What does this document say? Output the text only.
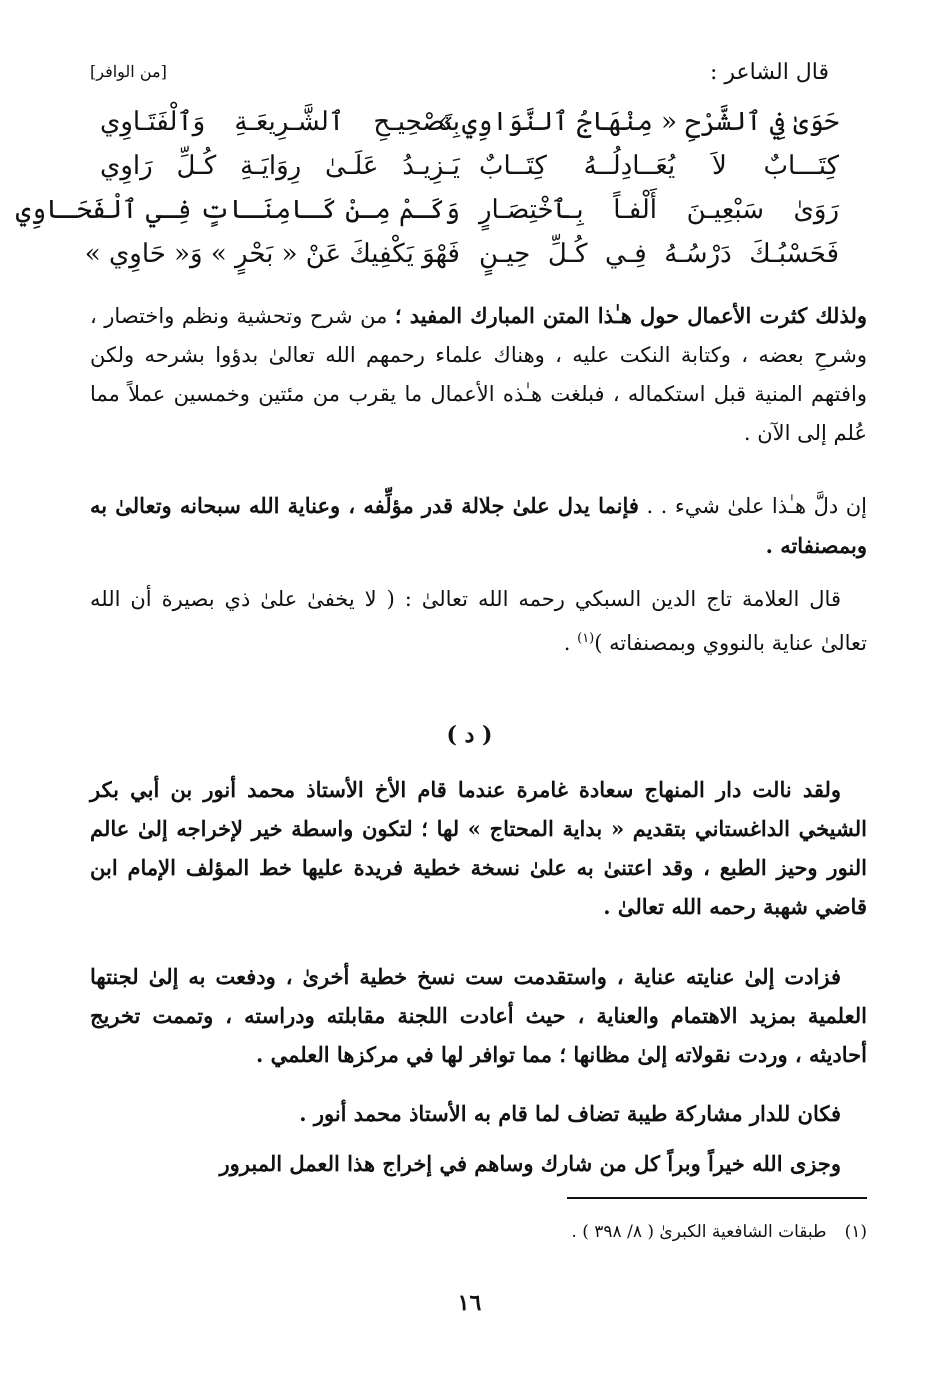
قال الشاعر :
[من الوافر]
حَوَىٰ فِي ٱلشَّرْحِ « مِنْهَاجُ ٱلنَّوَاوِي »
بِتَصْحِيـحِ ٱلشَّـرِيعَـةِ وَٱلْفَتَـاوِي
كِتَـــابٌ لاَ يُعَــادِلُــهُ كِتَــابٌ
يَـزِيـدُ عَلَـىٰ رِوَايَـةِ كُـلِّ رَاوِي
رَوَىٰ سَبْعِيـنَ أَلْفـاً بِـٱخْتِصَـارٍ
وَكَـمْ مِـنْ كَـامِنَـاتٍ فِـي ٱلْفَحَـاوِي
فَحَسْبُـكَ دَرْسُـهُ فِـي كُـلِّ حِيـنٍ
فَهْوَ يَكْفِيكَ عَنْ « بَحْرٍ » وَ« حَاوِي »
ولذلك كثرت الأعمال حول هـٰذا المتن المبارك المفيد ؛ من شرح وتحشية ونظم واختصار ، وشرحِ بعضه ، وكتابة النكت عليه ، وهناك علماء رحمهم الله تعالىٰ بدؤوا بشرحه ولكن وافتهم المنية قبل استكماله ، فبلغت هـٰذه الأعمال ما يقرب من مئتين وخمسين عملاً مما عُلم إلى الآن .
إن دلَّ هـٰذا علىٰ شيء . . فإنما يدل علىٰ جلالة قدر مؤلِّفه ، وعناية الله سبحانه وتعالىٰ به وبمصنفاته .
قال العلامة تاج الدين السبكي رحمه الله تعالىٰ : ( لا يخفىٰ علىٰ ذي بصيرة أن الله تعالىٰ عناية بالنووي وبمصنفاته )$^{(١)}$ .
( د )
ولقد نالت دار المنهاج سعادة غامرة عندما قام الأخ الأستاذ محمد أنور بن أبي بكر الشيخي الداغستاني بتقديم « بداية المحتاج » لها ؛ لتكون واسطة خير لإخراجه إلىٰ عالم النور وحيز الطبع ، وقد اعتنىٰ به علىٰ نسخة خطية فريدة عليها خط المؤلف الإمام ابن قاضي شهبة رحمه الله تعالىٰ .
فزادت إلىٰ عنايته عناية ، واستقدمت ست نسخ خطية أخرىٰ ، ودفعت به إلىٰ لجنتها العلمية بمزيد الاهتمام والعناية ، حيث أعادت اللجنة مقابلته ودراسته ، وتممت تخريج أحاديثه ، وردت نقولاته إلىٰ مظانها ؛ مما توافر لها في مركزها العلمي .
فكان للدار مشاركة طيبة تضاف لما قام به الأستاذ محمد أنور .
وجزى الله خيراً وبراً كل من شارك وساهم في إخراج هذا العمل المبرور
(١)طبقات الشافعية الكبرىٰ ( ٨/ ٣٩٨ ) .
١٦
